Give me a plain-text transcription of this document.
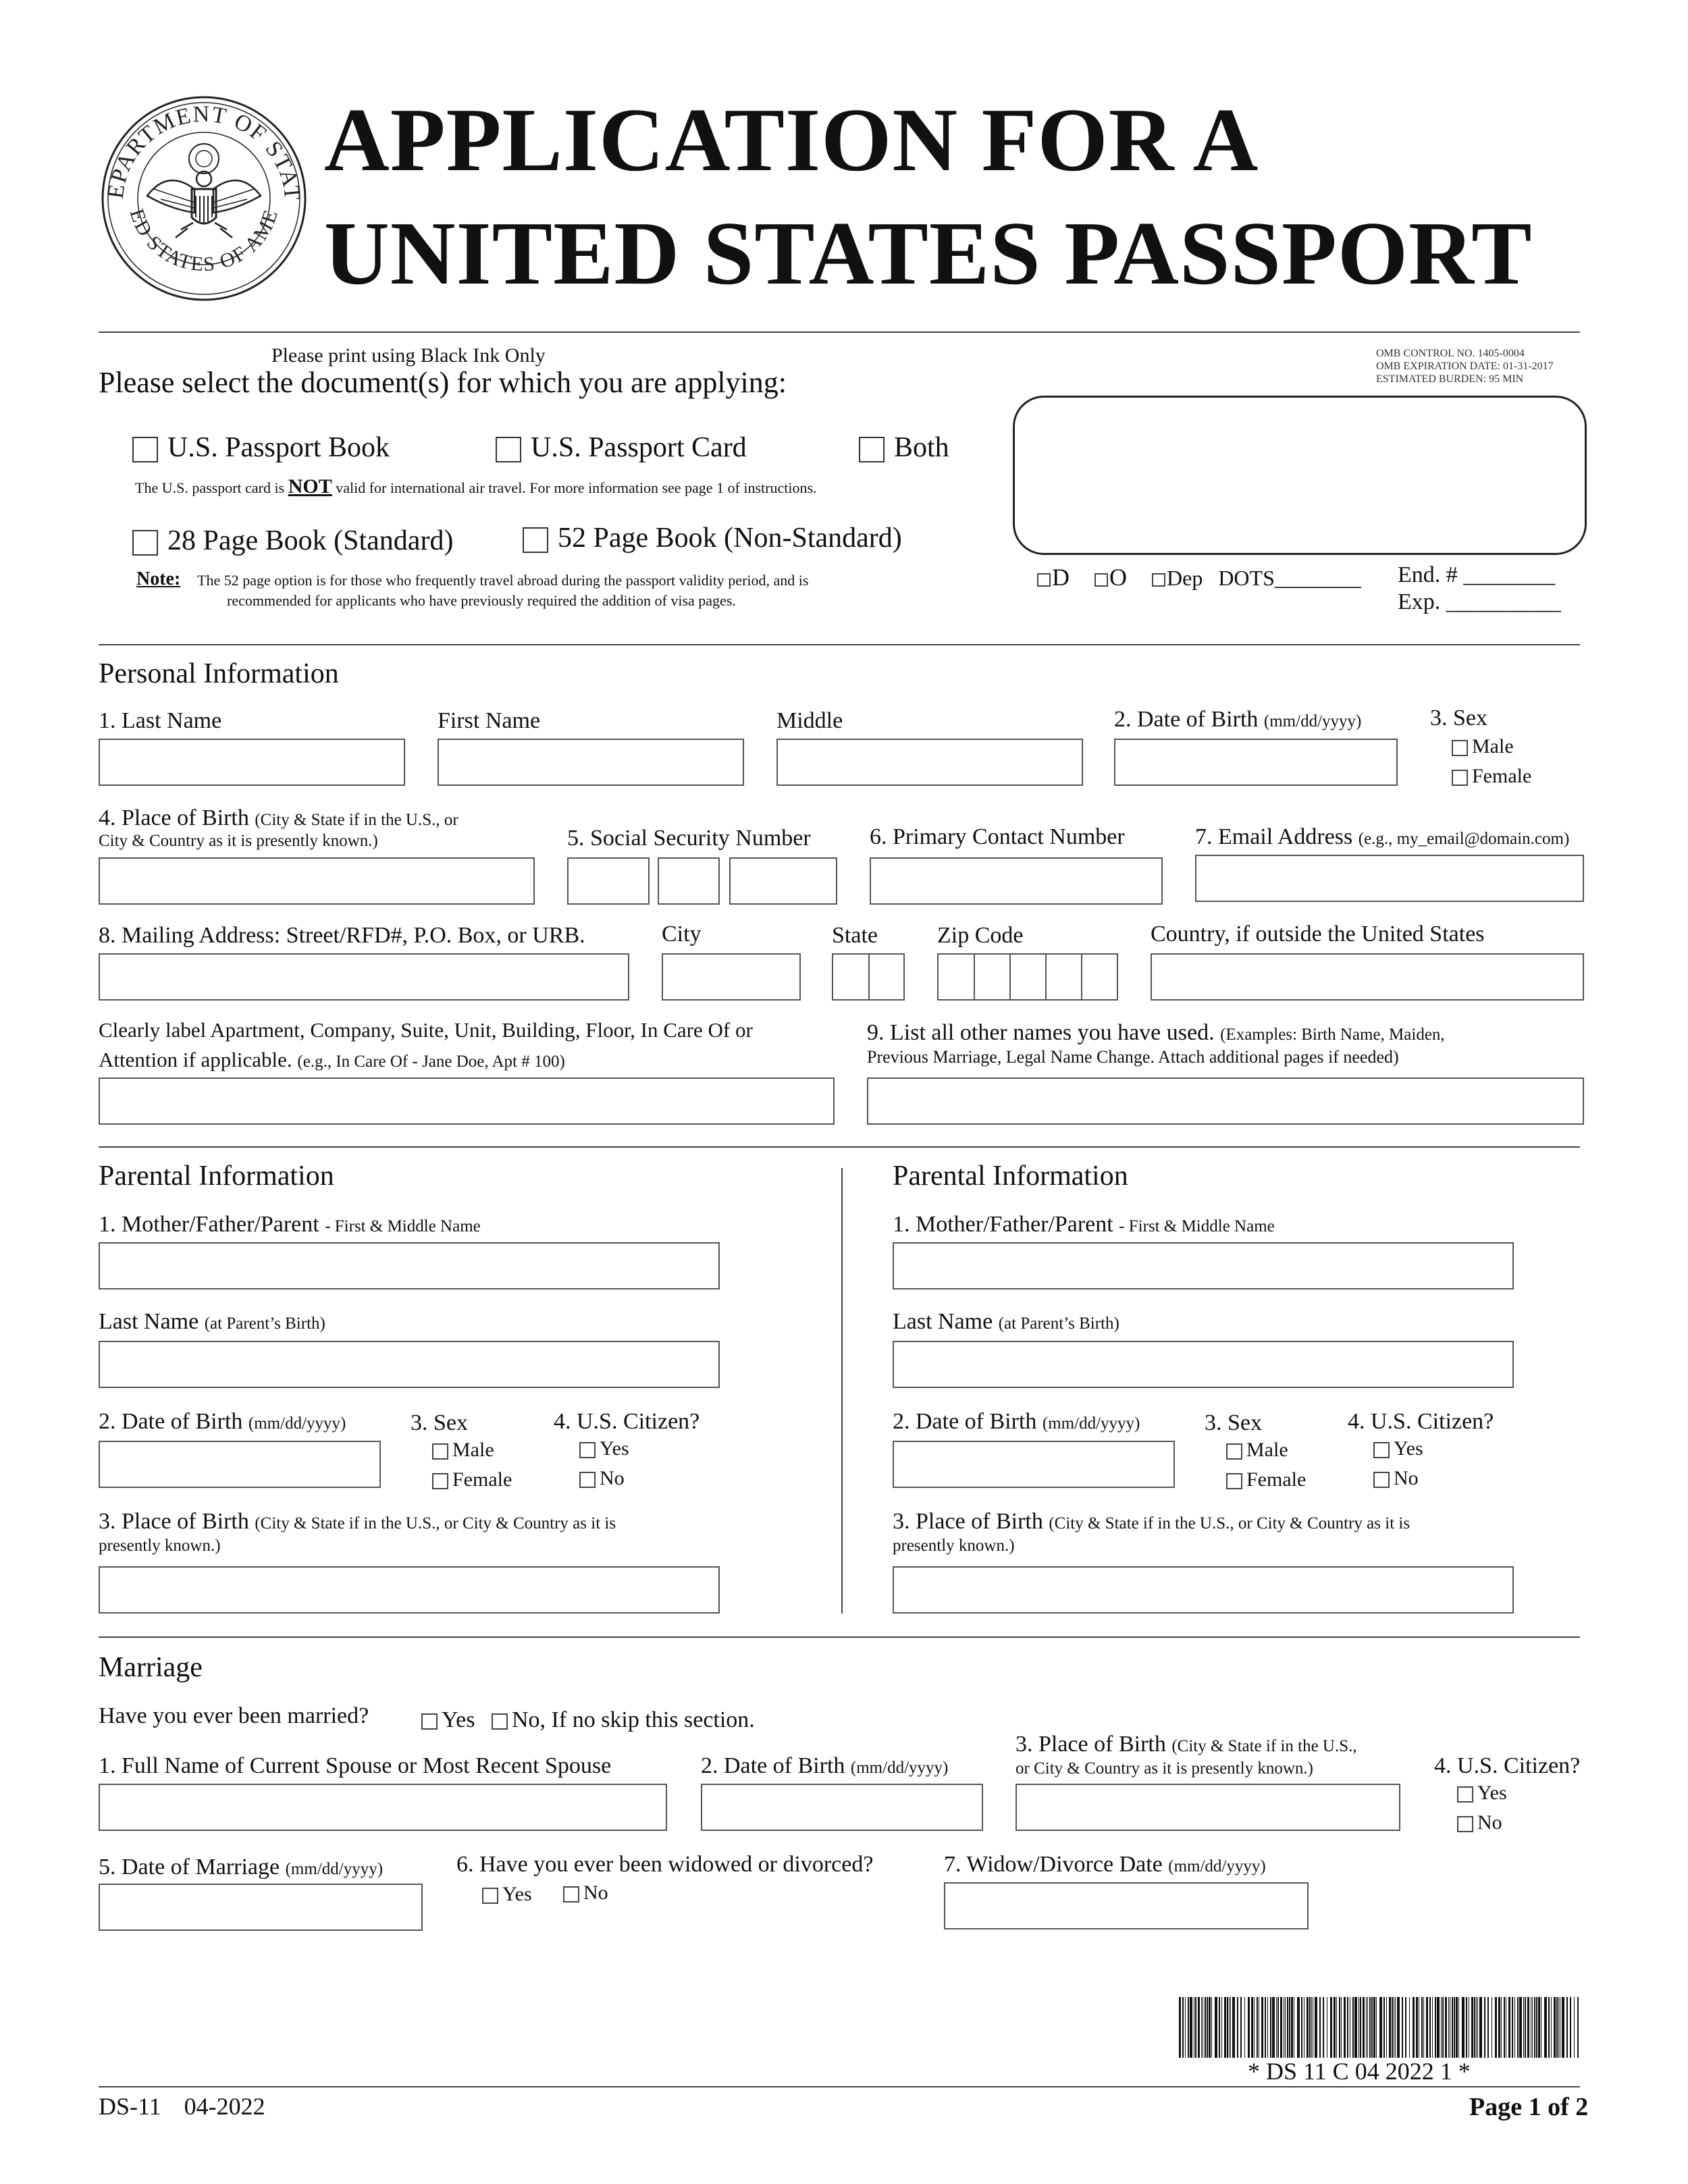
EPARTMENT OF STAT
ED STATES OF AME
APPLICATION FOR A
UNITED STATES PASSPORT
Please print using Black Ink Only
Please select the document(s) for which you are applying:
OMB CONTROL NO. 1405-0004
OMB EXPIRATION DATE: 01-31-2017
ESTIMATED BURDEN: 95 MIN
U.S. Passport Book	U.S. Passport Card	Both
The U.S. passport card is NOT valid for international air travel. For more information see page 1 of instructions.
28 Page Book (Standard)	52 Page Book (Non-Standard)
Note: The 52 page option is for those who frequently travel abroad during the passport validity period, and is
recommended for applicants who have previously required the addition of visa pages.
D O Dep DOTS________ End. # ________
Exp. __________
Personal Information
1. Last Name	First Name	Middle	2. Date of Birth (mm/dd/yyyy)	3. Sex
Male
Female
4. Place of Birth (City & State if in the U.S., or
City & Country as it is presently known.)	5. Social Security Number	6. Primary Contact Number	7. Email Address (e.g., my_email@domain.com)
8. Mailing Address: Street/RFD#, P.O. Box, or URB.	City	State	Zip Code	Country, if outside the United States
Clearly label Apartment, Company, Suite, Unit, Building, Floor, In Care Of or
Attention if applicable. (e.g., In Care Of - Jane Doe, Apt # 100)
9. List all other names you have used. (Examples: Birth Name, Maiden,
Previous Marriage, Legal Name Change. Attach additional pages if needed)
Parental Information
1. Mother/Father/Parent - First & Middle Name
Last Name (at Parent’s Birth)
2. Date of Birth (mm/dd/yyyy)	3. Sex
Male
Female
4. U.S. Citizen?
Yes
No
3. Place of Birth (City & State if in the U.S., or City & Country as it is
presently known.)
Parental Information
1. Mother/Father/Parent - First & Middle Name
Last Name (at Parent’s Birth)
2. Date of Birth (mm/dd/yyyy)	3. Sex
Male
Female
4. U.S. Citizen?
Yes
No
3. Place of Birth (City & State if in the U.S., or City & Country as it is
presently known.)
Marriage
Have you ever been married?	Yes	No, If no skip this section.
1. Full Name of Current Spouse or Most Recent Spouse	2. Date of Birth (mm/dd/yyyy)
3. Place of Birth (City & State if in the U.S.,
or City & Country as it is presently known.)	4. U.S. Citizen?
Yes
No
5. Date of Marriage (mm/dd/yyyy)	6. Have you ever been widowed or divorced?
Yes	No
7. Widow/Divorce Date (mm/dd/yyyy)
* DS 11 C 04 2022 1 *
DS-11 04-2022	Page 1 of 2
